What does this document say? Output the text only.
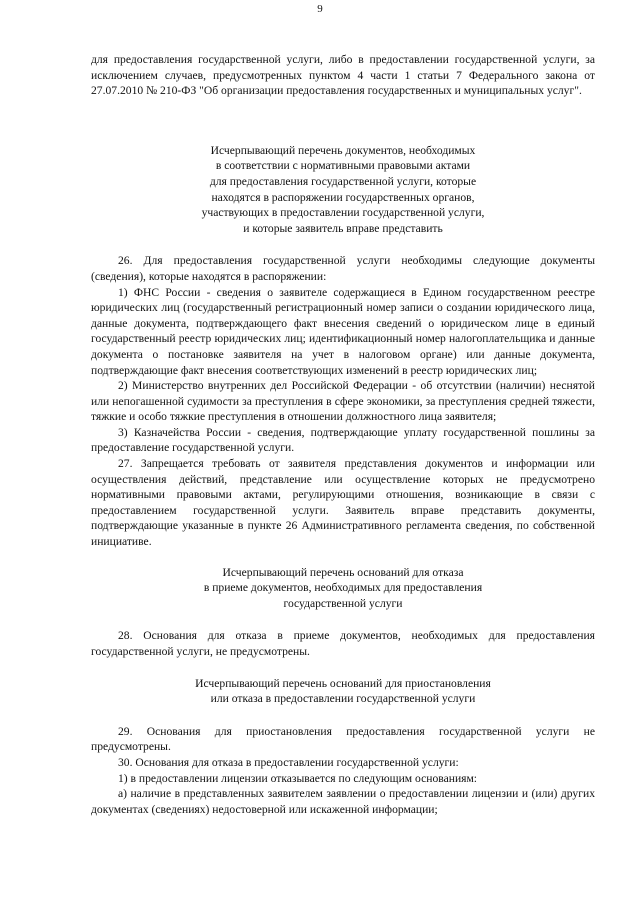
9

для предоставления государственной услуги, либо в предоставлении государственной услуги, за исключением случаев, предусмотренных пунктом 4 части 1 статьи 7 Федерального закона от 27.07.2010 № 210-ФЗ "Об организации предоставления государственных и муниципальных услуг".

Исчерпывающий перечень документов, необходимых
в соответствии с нормативными правовыми актами
для предоставления государственной услуги, которые
находятся в распоряжении государственных органов,
участвующих в предоставлении государственной услуги,
и которые заявитель вправе представить

26. Для предоставления государственной услуги необходимы следующие документы (сведения), которые находятся в распоряжении:

1) ФНС России - сведения о заявителе содержащиеся в Едином государственном реестре юридических лиц (государственный регистрационный номер записи о создании юридического лица, данные документа, подтверждающего факт внесения сведений о юридическом лице в единый государственный реестр юридических лиц; идентификационный номер налогоплательщика и данные документа о постановке заявителя на учет в налоговом органе) или данные документа, подтверждающие факт внесения соответствующих изменений в реестр юридических лиц;

2) Министерство внутренних дел Российской Федерации - об отсутствии (наличии) неснятой или непогашенной судимости за преступления в сфере экономики, за преступления средней тяжести, тяжкие и особо тяжкие преступления в отношении должностного лица заявителя;

3) Казначейства России - сведения, подтверждающие уплату государственной пошлины за предоставление государственной услуги.

27. Запрещается требовать от заявителя представления документов и информации или осуществления действий, представление или осуществление которых не предусмотрено нормативными правовыми актами, регулирующими отношения, возникающие в связи с предоставлением государственной услуги. Заявитель вправе представить документы, подтверждающие указанные в пункте 26 Административного регламента сведения, по собственной инициативе.

Исчерпывающий перечень оснований для отказа
в приеме документов, необходимых для предоставления
государственной услуги

28. Основания для отказа в приеме документов, необходимых для предоставления государственной услуги, не предусмотрены.

Исчерпывающий перечень оснований для приостановления
или отказа в предоставлении государственной услуги

29. Основания для приостановления предоставления государственной услуги не предусмотрены.

30. Основания для отказа в предоставлении государственной услуги:

1) в предоставлении лицензии отказывается по следующим основаниям:

а) наличие в представленных заявителем заявлении о предоставлении лицензии и (или) других документах (сведениях) недостоверной или искаженной информации;
